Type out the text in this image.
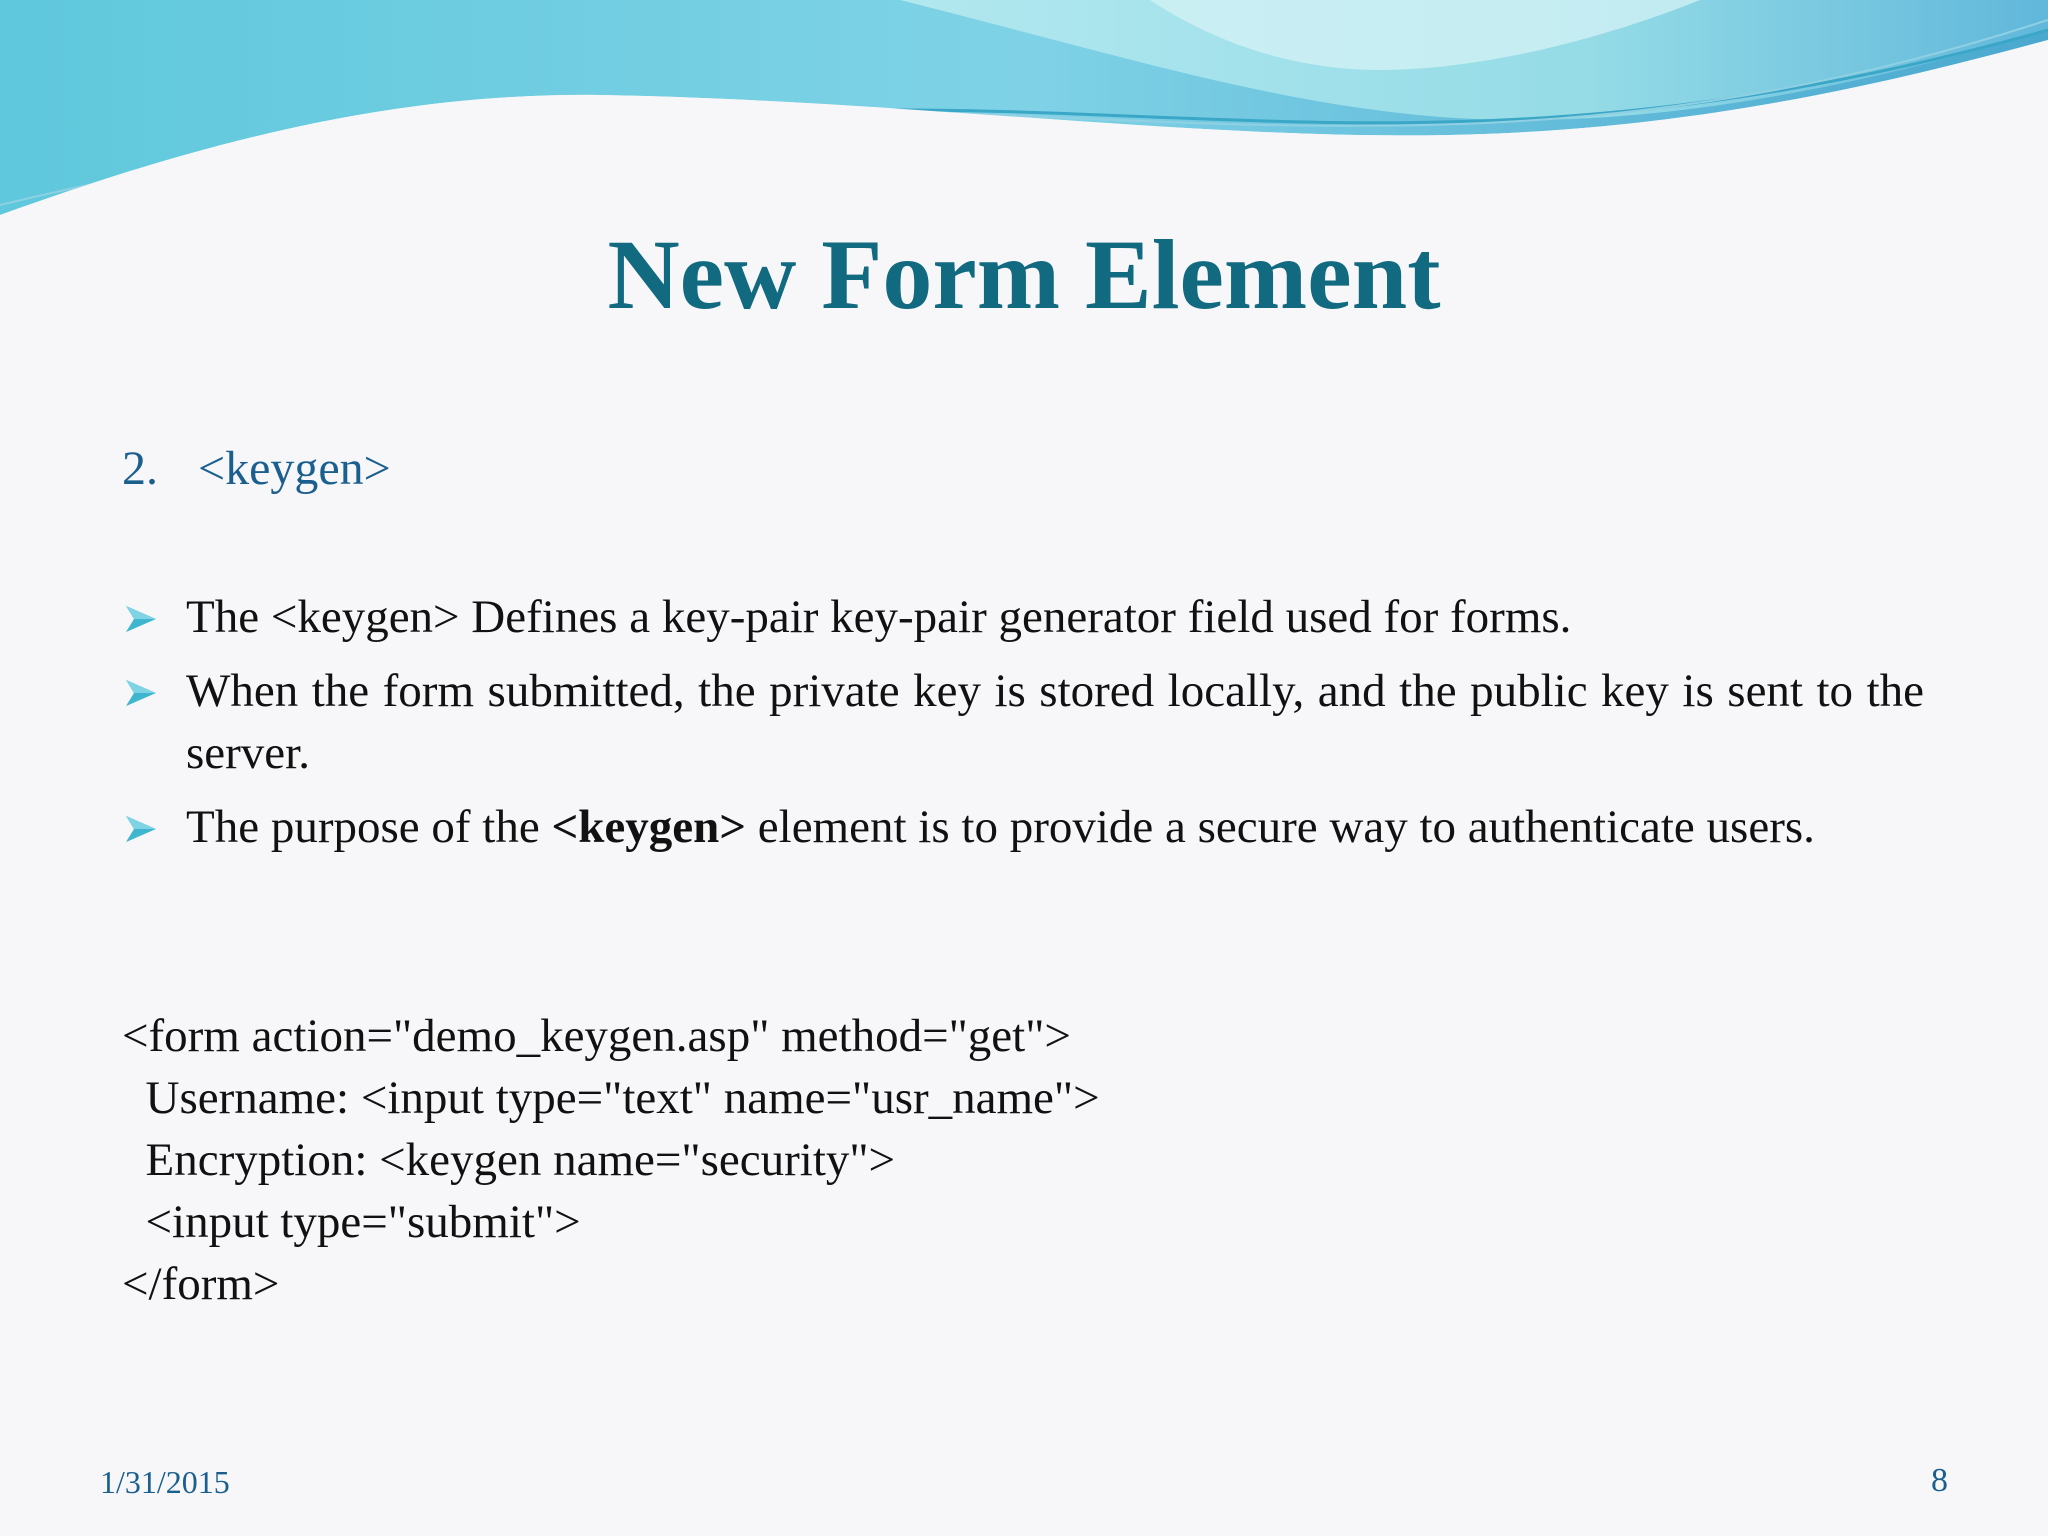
New Form Element
2. <keygen>
The <keygen> Defines a key-pair key-pair generator field used for forms.
When the form submitted, the private key is stored locally, and the public key is sent to the server.
The purpose of the <keygen> element is to provide a secure way to authenticate users.
<form action="demo_keygen.asp" method="get">
Username: <input type="text" name="usr_name">
Encryption: <keygen name="security">
<input type="submit">
</form>
1/31/2015	8
